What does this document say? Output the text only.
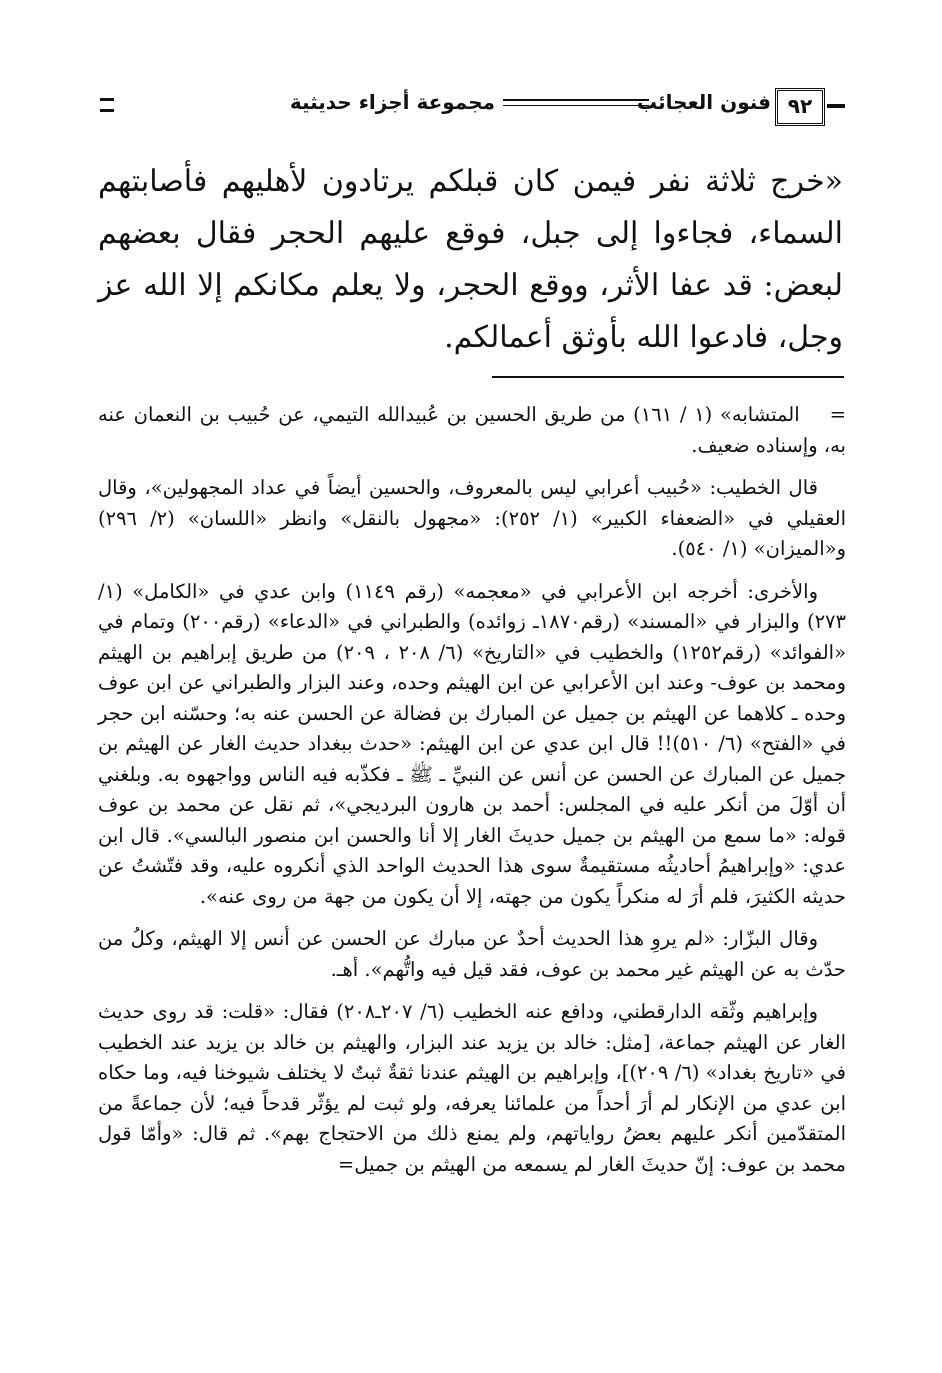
٩٢
فنون العجائب
مجموعة أجزاء حديثية

«خرج ثلاثة نفر فيمن كان قبلكم يرتادون لأهليهم فأصابتهم السماء، فجاءوا إلى جبل، فوقع عليهم الحجر فقال بعضهم لبعض: قد عفا الأثر، ووقع الحجر، ولا يعلم مكانكم إلا الله عز وجل، فادعوا الله بأوثق أعمالكم.

=المتشابه» (١ / ١٦١) من طريق الحسين بن عُبيدالله التيمي، عن حُبيب بن النعمان عنه به، وإسناده ضعيف.

قال الخطيب: «حُبيب أعرابي ليس بالمعروف، والحسين أيضاً في عداد المجهولين»، وقال العقيلي في «الضعفاء الكبير» (١/ ٢٥٢): «مجهول بالنقل» وانظر «اللسان» (٢/ ٢٩٦) و«الميزان» (١/ ٥٤٠).

والأخرى: أخرجه ابن الأعرابي في «معجمه» (رقم ١١٤٩) وابن عدي في «الكامل» (١/ ٢٧٣) والبزار في «المسند» (رقم١٨٧٠ـ زوائده) والطبراني في «الدعاء» (رقم٢٠٠) وتمام في «الفوائد» (رقم١٢٥٢) والخطيب في «التاريخ» (٦/ ٢٠٨ ، ٢٠٩) من طريق إبراهيم بن الهيثم ومحمد بن عوف- وعند ابن الأعرابي عن ابن الهيثم وحده، وعند البزار والطبراني عن ابن عوف وحده ـ كلاهما عن الهيثم بن جميل عن المبارك بن فضالة عن الحسن عنه به؛ وحسّنه ابن حجر في «الفتح» (٦/ ٥١٠)!! قال ابن عدي عن ابن الهيثم: «حدث ببغداد حديث الغار عن الهيثم بن جميل عن المبارك عن الحسن عن أنس عن النبيِّ ـ ﷺ ـ فكذّبه فيه الناس وواجهوه به. وبلغني أن أوّلَ من أنكر عليه في المجلس: أحمد بن هارون البرديجي»، ثم نقل عن محمد بن عوف قوله: «ما سمع من الهيثم بن جميل حديثَ الغار إلا أنا والحسن ابن منصور البالسي». قال ابن عدي: «وإبراهيمُ أحاديثُه مستقيمةٌ سوى هذا الحديث الواحد الذي أنكروه عليه، وقد فتّشتُ عن حديثه الكثيرَ، فلم أرَ له منكراً يكون من جهته، إلا أن يكون من جهة من روى عنه».

وقال البزّار: «لم يروِ هذا الحديث أحدٌ عن مبارك عن الحسن عن أنس إلا الهيثم، وكلُ من حدّث به عن الهيثم غير محمد بن عوف، فقد قيل فيه واتُّهم». أهـ.

وإبراهيم وثّقه الدارقطني، ودافع عنه الخطيب (٦/ ٢٠٧ـ٢٠٨) فقال: «قلت: قد روى حديث الغار عن الهيثم جماعة، [مثل: خالد بن يزيد عند البزار، والهيثم بن خالد بن يزيد عند الخطيب في «تاريخ بغداد» (٦/ ٢٠٩)]، وإبراهيم بن الهيثم عندنا ثقةٌ ثبتٌ لا يختلف شيوخنا فيه، وما حكاه ابن عدي من الإنكار لم أرَ أحداً من علمائنا يعرفه، ولو ثبت لم يؤثّر قدحاً فيه؛ لأن جماعةً من المتقدّمين أنكر عليهم بعضُ رواياتهم، ولم يمنع ذلك من الاحتجاج بهم». ثم قال: «وأمّا قول محمد بن عوف: إنّ حديثَ الغار لم يسمعه من الهيثم بن جميل=
